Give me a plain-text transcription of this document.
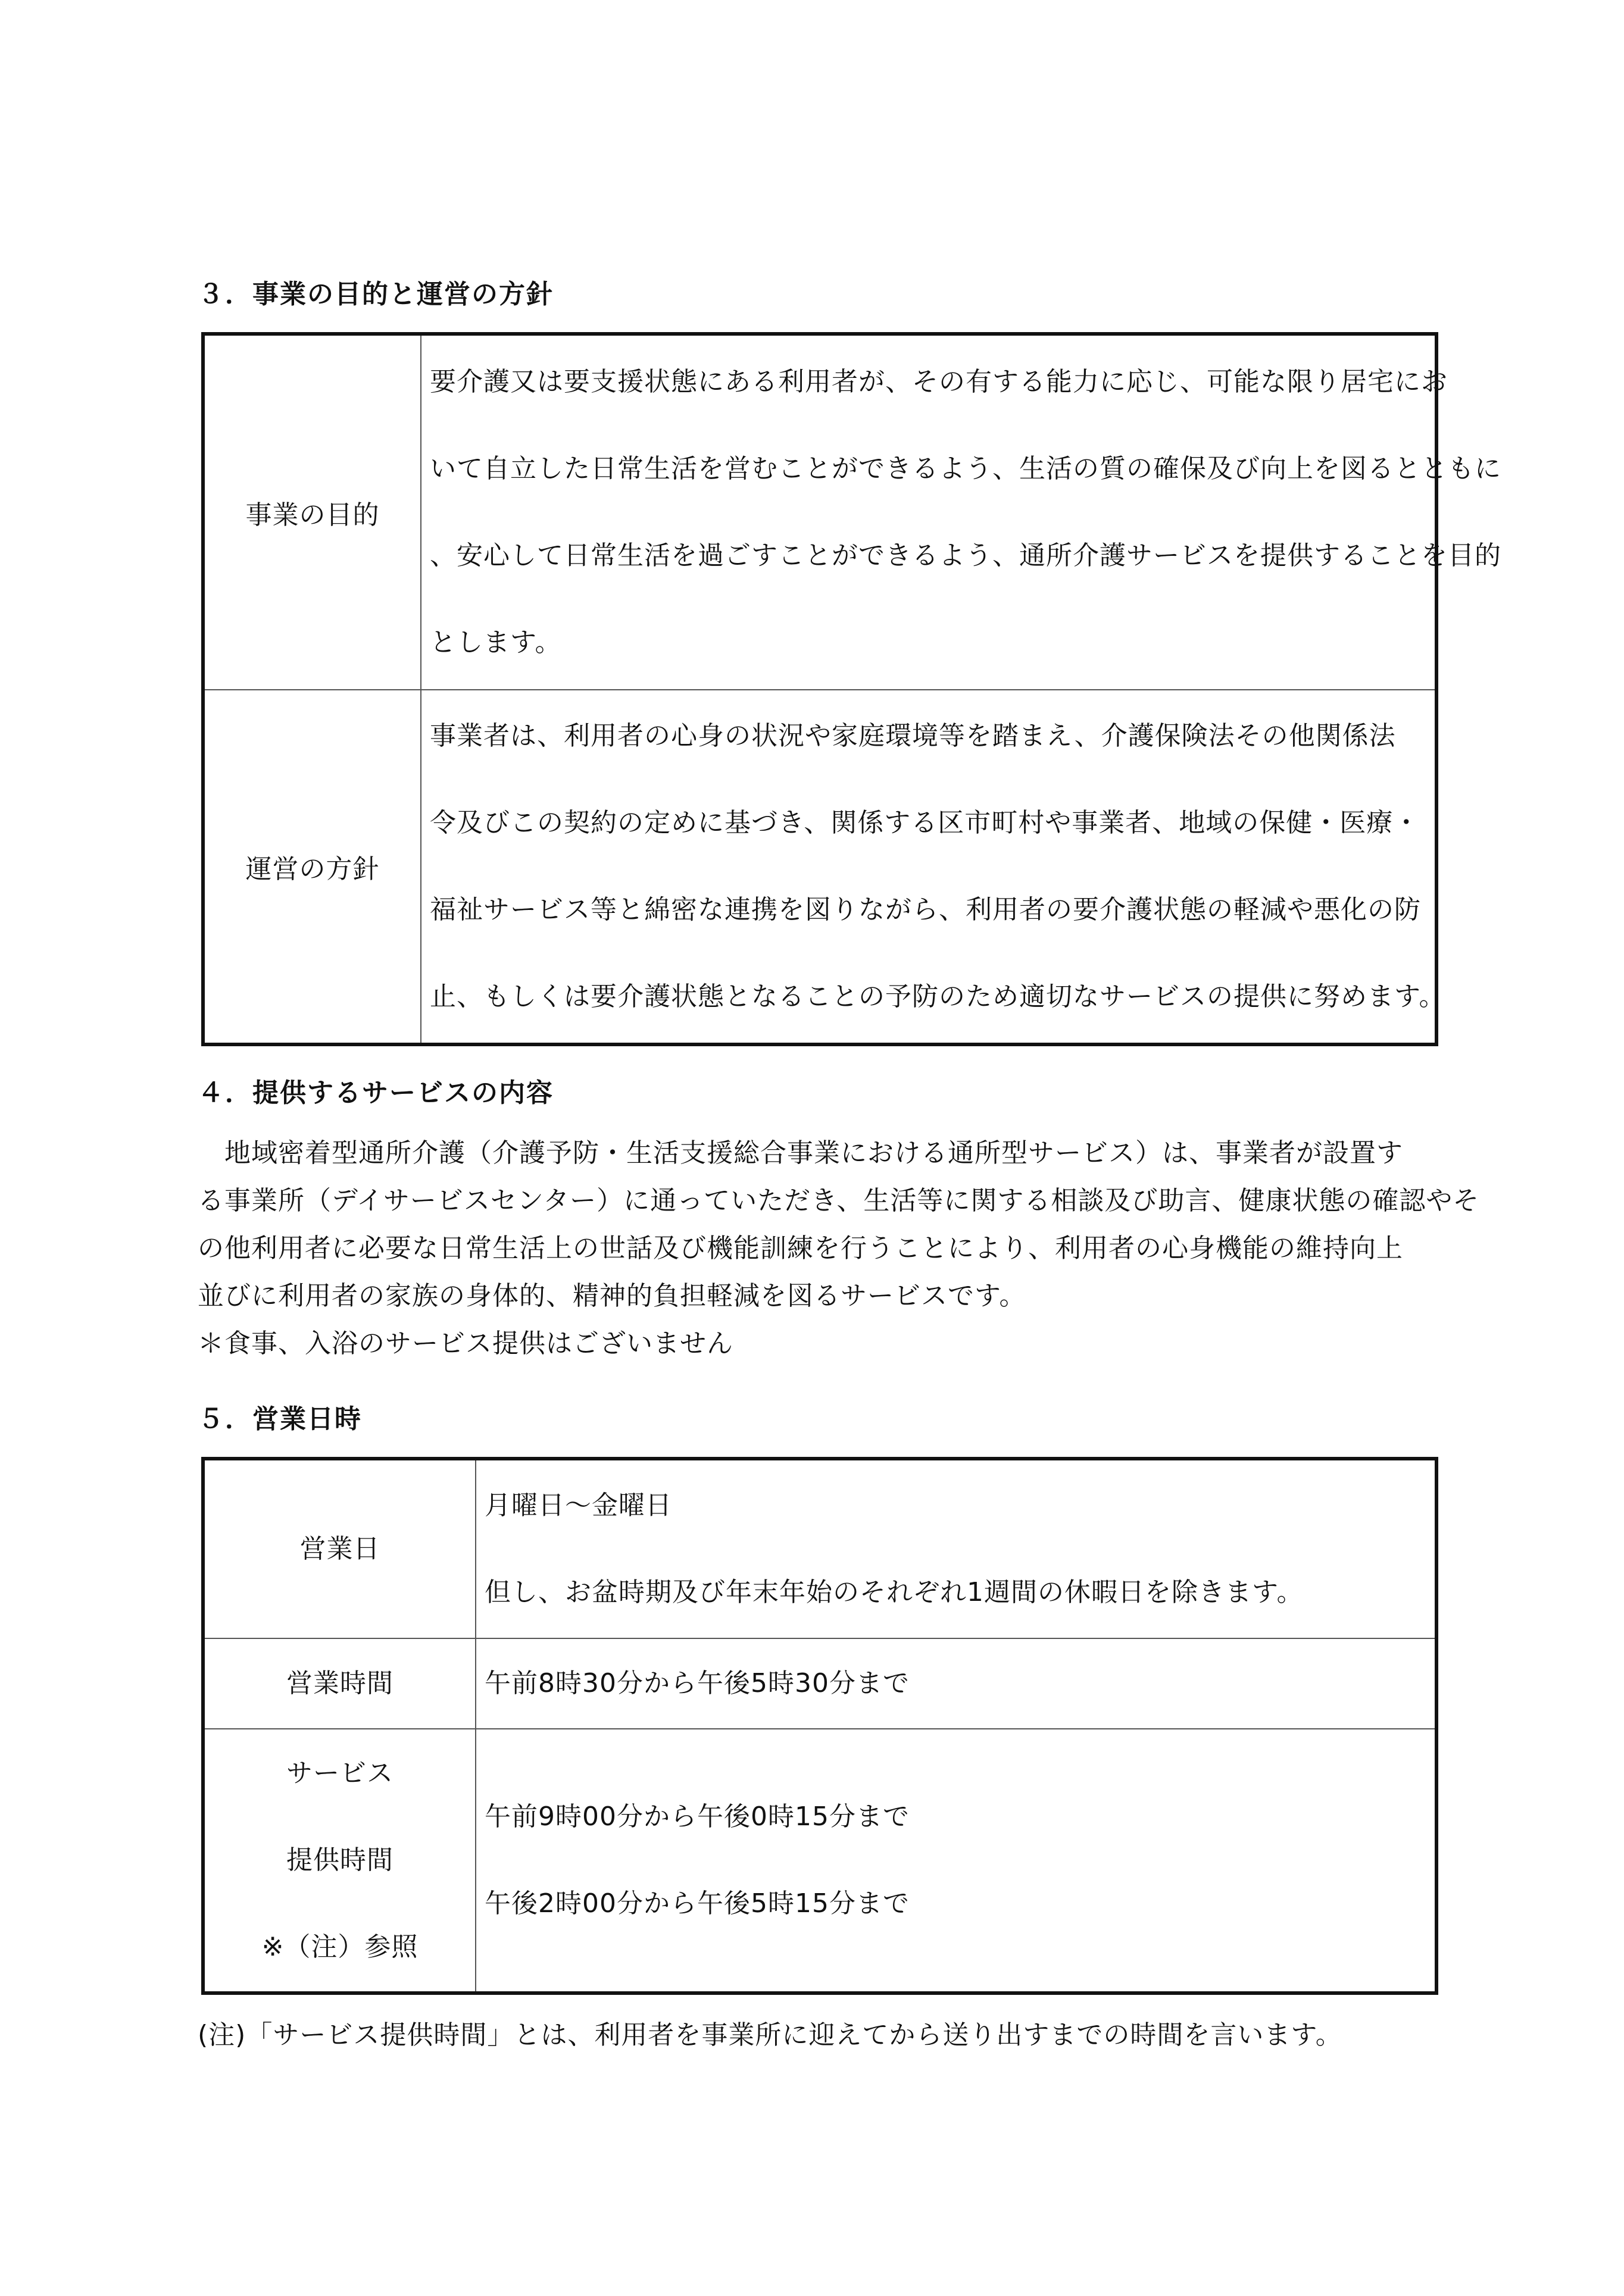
３．事業の目的と運営の方針
事業の目的	要介護又は要支援状態にある利用者が、その有する能力に応じ、可能な限り居宅にお
いて自立した日常生活を営むことができるよう、生活の質の確保及び向上を図るとともに
、安心して日常生活を過ごすことができるよう、通所介護サービスを提供することを目的
とします。

運営の方針	事業者は、利用者の心身の状況や家庭環境等を踏まえ、介護保険法その他関係法
令及びこの契約の定めに基づき、関係する区市町村や事業者、地域の保健・医療・
福祉サービス等と綿密な連携を図りながら、利用者の要介護状態の軽減や悪化の防
止、もしくは要介護状態となることの予防のため適切なサービスの提供に努めます。
４．提供するサービスの内容
　地域密着型通所介護（介護予防・生活支援総合事業における通所型サービス）は、事業者が設置す
る事業所（デイサービスセンター）に通っていただき、生活等に関する相談及び助言、健康状態の確認やそ
の他利用者に必要な日常生活上の世話及び機能訓練を行うことにより、利用者の心身機能の維持向上
並びに利用者の家族の身体的、精神的負担軽減を図るサービスです。
＊食事、入浴のサービス提供はございません
５．営業日時
営業日	月曜日～金曜日
但し、お盆時期及び年末年始のそれぞれ1週間の休暇日を除きます。

営業時間	午前8時30分から午後5時30分まで

サービス
提供時間
※（注）参照	午前9時00分から午後0時15分まで
午後2時00分から午後5時15分まで
(注)「サービス提供時間」とは、利用者を事業所に迎えてから送り出すまでの時間を言います。
